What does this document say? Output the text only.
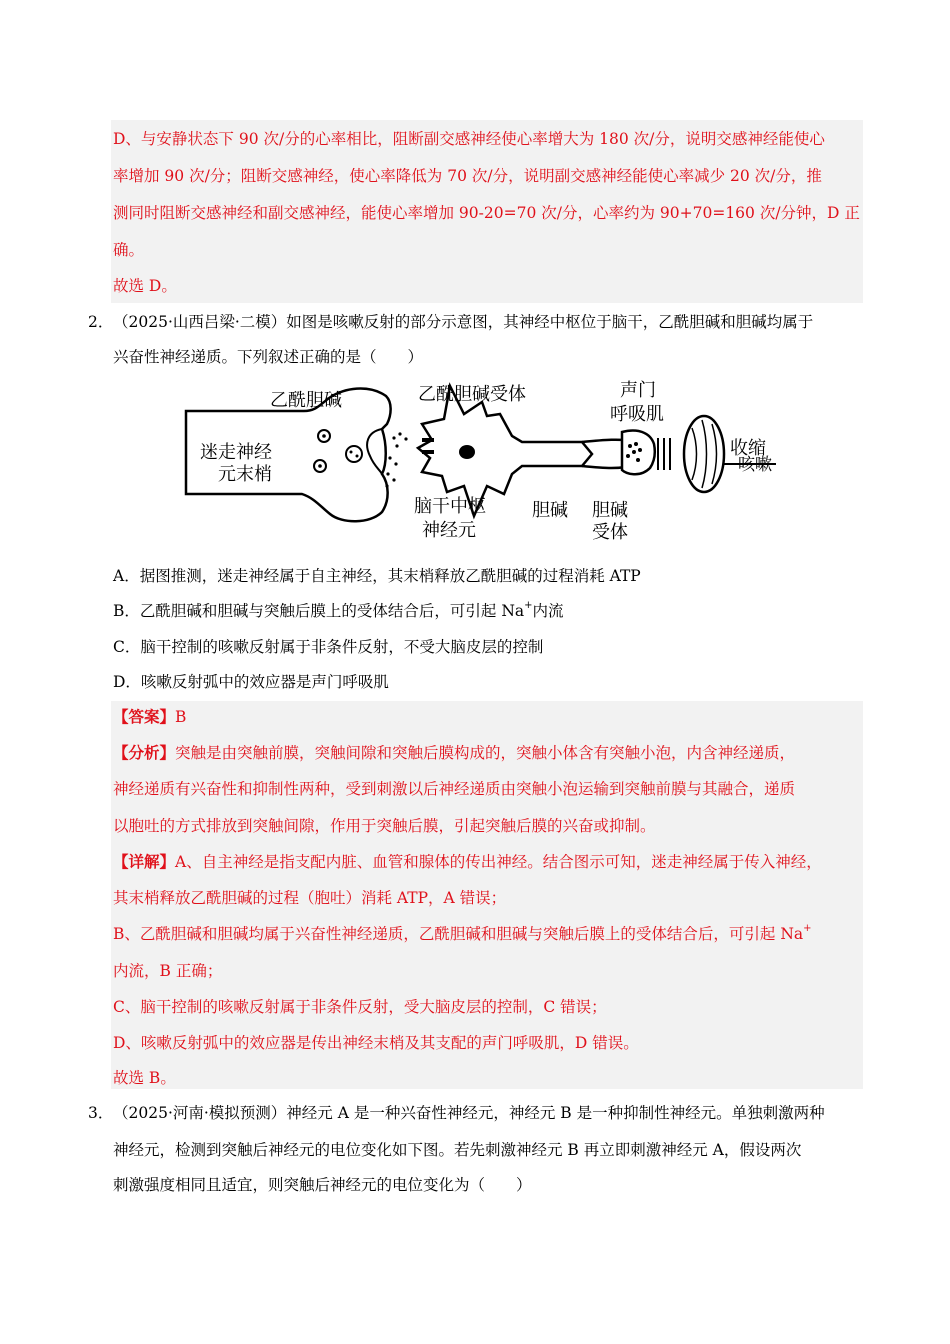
D、与安静状态下 90 次/分的心率相比，阻断副交感神经使心率增大为 180 次/分，说明交感神经能使心
率增加 90 次/分；阻断交感神经，使心率降低为 70 次/分，说明副交感神经能使心率减少 20 次/分，推
测同时阻断交感神经和副交感神经，能使心率增加 90-20=70 次/分，心率约为 90+70=160 次/分钟，D 正
确。
故选 D。
2． （2025·山西吕梁·二模）如图是咳嗽反射的部分示意图，其神经中枢位于脑干，乙酰胆碱和胆碱均属于
兴奋性神经递质。下列叙述正确的是（　　）
乙酰胆碱
迷走神经
元末梢
乙酰胆碱受体	声门
呼吸肌
收缩
咳嗽
脑干中枢
神经元
胆碱 胆碱
受体
A．据图推测，迷走神经属于自主神经，其末梢释放乙酰胆碱的过程消耗 ATP
B．乙酰胆碱和胆碱与突触后膜上的受体结合后，可引起 Na+内流
C．脑干控制的咳嗽反射属于非条件反射，不受大脑皮层的控制
D．咳嗽反射弧中的效应器是声门呼吸肌
【答案】B
【分析】突触是由突触前膜，突触间隙和突触后膜构成的，突触小体含有突触小泡，内含神经递质，
神经递质有兴奋性和抑制性两种，受到刺激以后神经递质由突触小泡运输到突触前膜与其融合，递质
以胞吐的方式排放到突触间隙，作用于突触后膜，引起突触后膜的兴奋或抑制。
【详解】A、自主神经是指支配内脏、血管和腺体的传出神经。结合图示可知，迷走神经属于传入神经，
其末梢释放乙酰胆碱的过程（胞吐）消耗 ATP，A 错误；
B、乙酰胆碱和胆碱均属于兴奋性神经递质，乙酰胆碱和胆碱与突触后膜上的受体结合后，可引起 Na+
内流，B 正确；
C、脑干控制的咳嗽反射属于非条件反射，受大脑皮层的控制，C 错误；
D、咳嗽反射弧中的效应器是传出神经末梢及其支配的声门呼吸肌，D 错误。
故选 B。
3． （2025·河南·模拟预测）神经元 A 是一种兴奋性神经元，神经元 B 是一种抑制性神经元。单独刺激两种
神经元，检测到突触后神经元的电位变化如下图。若先刺激神经元 B 再立即刺激神经元 A，假设两次
刺激强度相同且适宜，则突触后神经元的电位变化为（　　）
